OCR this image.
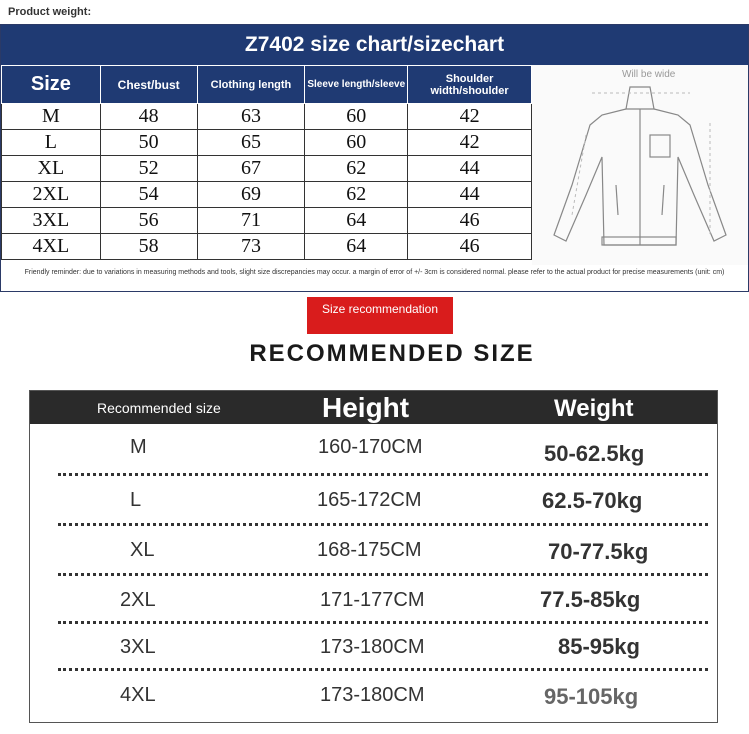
Product weight:
Z7402 size chart/sizechart
Size	Chest/bust	Clothing length	Sleeve length/sleeve	Shoulder width/shoulder
M	48	63	60	42
L	50	65	60	42
XL	52	67	62	44
2XL	54	69	62	44
3XL	56	71	64	46
4XL	58	73	64	46
Will be wide
Friendly reminder: due to variations in measuring methods and tools, slight size discrepancies may occur. a margin of error of +/- 3cm is considered normal. please refer to the actual product for precise measurements (unit: cm)
Size recommendation
RECOMMENDED SIZE
Recommended size	Height	Weight
M	160-170CM	50-62.5kg
L	165-172CM	62.5-70kg
XL	168-175CM	70-77.5kg
2XL	171-177CM	77.5-85kg
3XL	173-180CM	85-95kg
4XL	173-180CM	95-105kg
